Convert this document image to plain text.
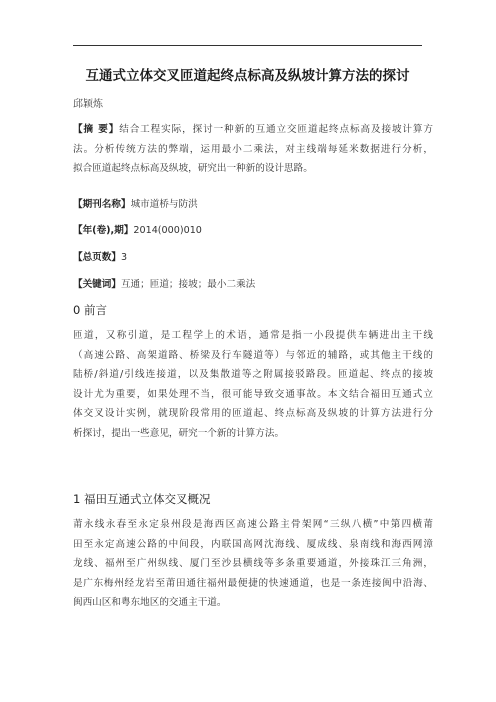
互通式立体交叉匝道起终点标高及纵坡计算方法的探讨
邱颖炼
【摘 要】结合工程实际，探讨一种新的互通立交匝道起终点标高及接坡计算方
法。分析传统方法的弊端，运用最小二乘法，对主线端每延米数据进行分析，
拟合匝道起终点标高及纵坡，研究出一种新的设计思路。
【期刊名称】城市道桥与防洪
【年(卷),期】2014(000)010
【总页数】3
【关键词】互通；匝道；接坡；最小二乘法
0 前言
匝道，又称引道，是工程学上的术语，通常是指一小段提供车辆进出主干线
（高速公路、高架道路、桥梁及行车隧道等）与邻近的辅路，或其他主干线的
陆桥/斜道/引线连接道，以及集散道等之附属接驳路段。匝道起、终点的接坡
设计尤为重要，如果处理不当，很可能导致交通事故。本文结合福田互通式立
体交叉设计实例，就现阶段常用的匝道起、终点标高及纵坡的计算方法进行分
析探讨，提出一些意见，研究一个新的计算方法。
1 福田互通式立体交叉概况
莆永线永春至永定泉州段是海西区高速公路主骨架网“三纵八横”中第四横莆
田至永定高速公路的中间段，内联国高网沈海线、厦成线、泉南线和海西网漳
龙线、福州至广州纵线、厦门至沙县横线等多条重要通道，外接珠江三角洲，
是广东梅州经龙岩至莆田通往福州最便捷的快速通道，也是一条连接闽中沿海、
闽西山区和粤东地区的交通主干道。
